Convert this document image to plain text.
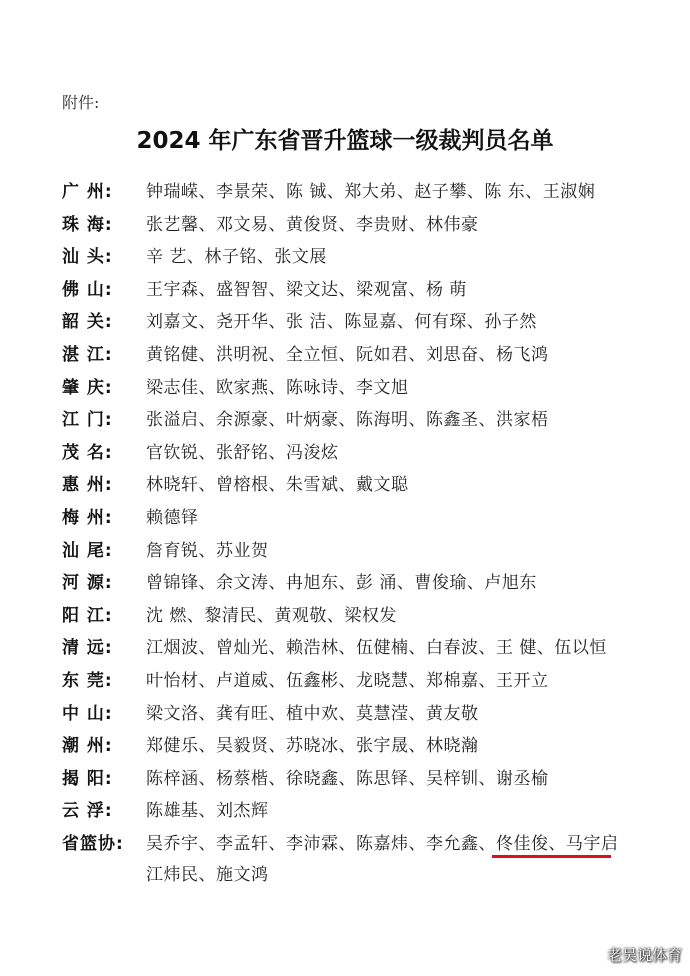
附件:
2024 年广东省晋升篮球一级裁判员名单
广 州:	钟瑞嵘、李景荣、陈 铖、郑大弟、赵子攀、陈 东、王淑娴
珠 海:	张艺馨、邓文易、黄俊贤、李贵财、林伟豪
汕 头:	辛 艺、林子铭、张文展
佛 山:	王宇森、盛智智、梁文达、梁观富、杨 萌
韶 关:	刘嘉文、尧开华、张 洁、陈显嘉、何有琛、孙子然
湛 江:	黄铭健、洪明祝、全立恒、阮如君、刘思奋、杨飞鸿
肇 庆:	梁志佳、欧家燕、陈咏诗、李文旭
江 门:	张溢启、余源豪、叶炳豪、陈海明、陈鑫圣、洪家梧
茂 名:	官钦锐、张舒铭、冯浚炫
惠 州:	林晓轩、曾榕根、朱雪斌、戴文聪
梅 州:	赖德铎
汕 尾:	詹育锐、苏业贺
河 源:	曾锦锋、余文涛、冉旭东、彭 涌、曹俊瑜、卢旭东
阳 江:	沈 燃、黎清民、黄观敬、梁权发
清 远:	江烟波、曾灿光、赖浩林、伍健楠、白春波、王 健、伍以恒
东 莞:	叶怡材、卢道威、伍鑫彬、龙晓慧、郑棉嘉、王开立
中 山:	梁文洛、龚有旺、植中欢、莫慧滢、黄友敬
潮 州:	郑健乐、吴毅贤、苏晓冰、张宇晟、林晓瀚
揭 阳:	陈梓涵、杨蔡楷、徐晓鑫、陈思铎、吴梓钏、谢丞榆
云 浮:	陈雄基、刘杰辉
省篮协:	吴乔宇、李孟轩、李沛霖、陈嘉炜、李允鑫、佟佳俊、马宇启
江炜民、施文鸿
老吴说体育
